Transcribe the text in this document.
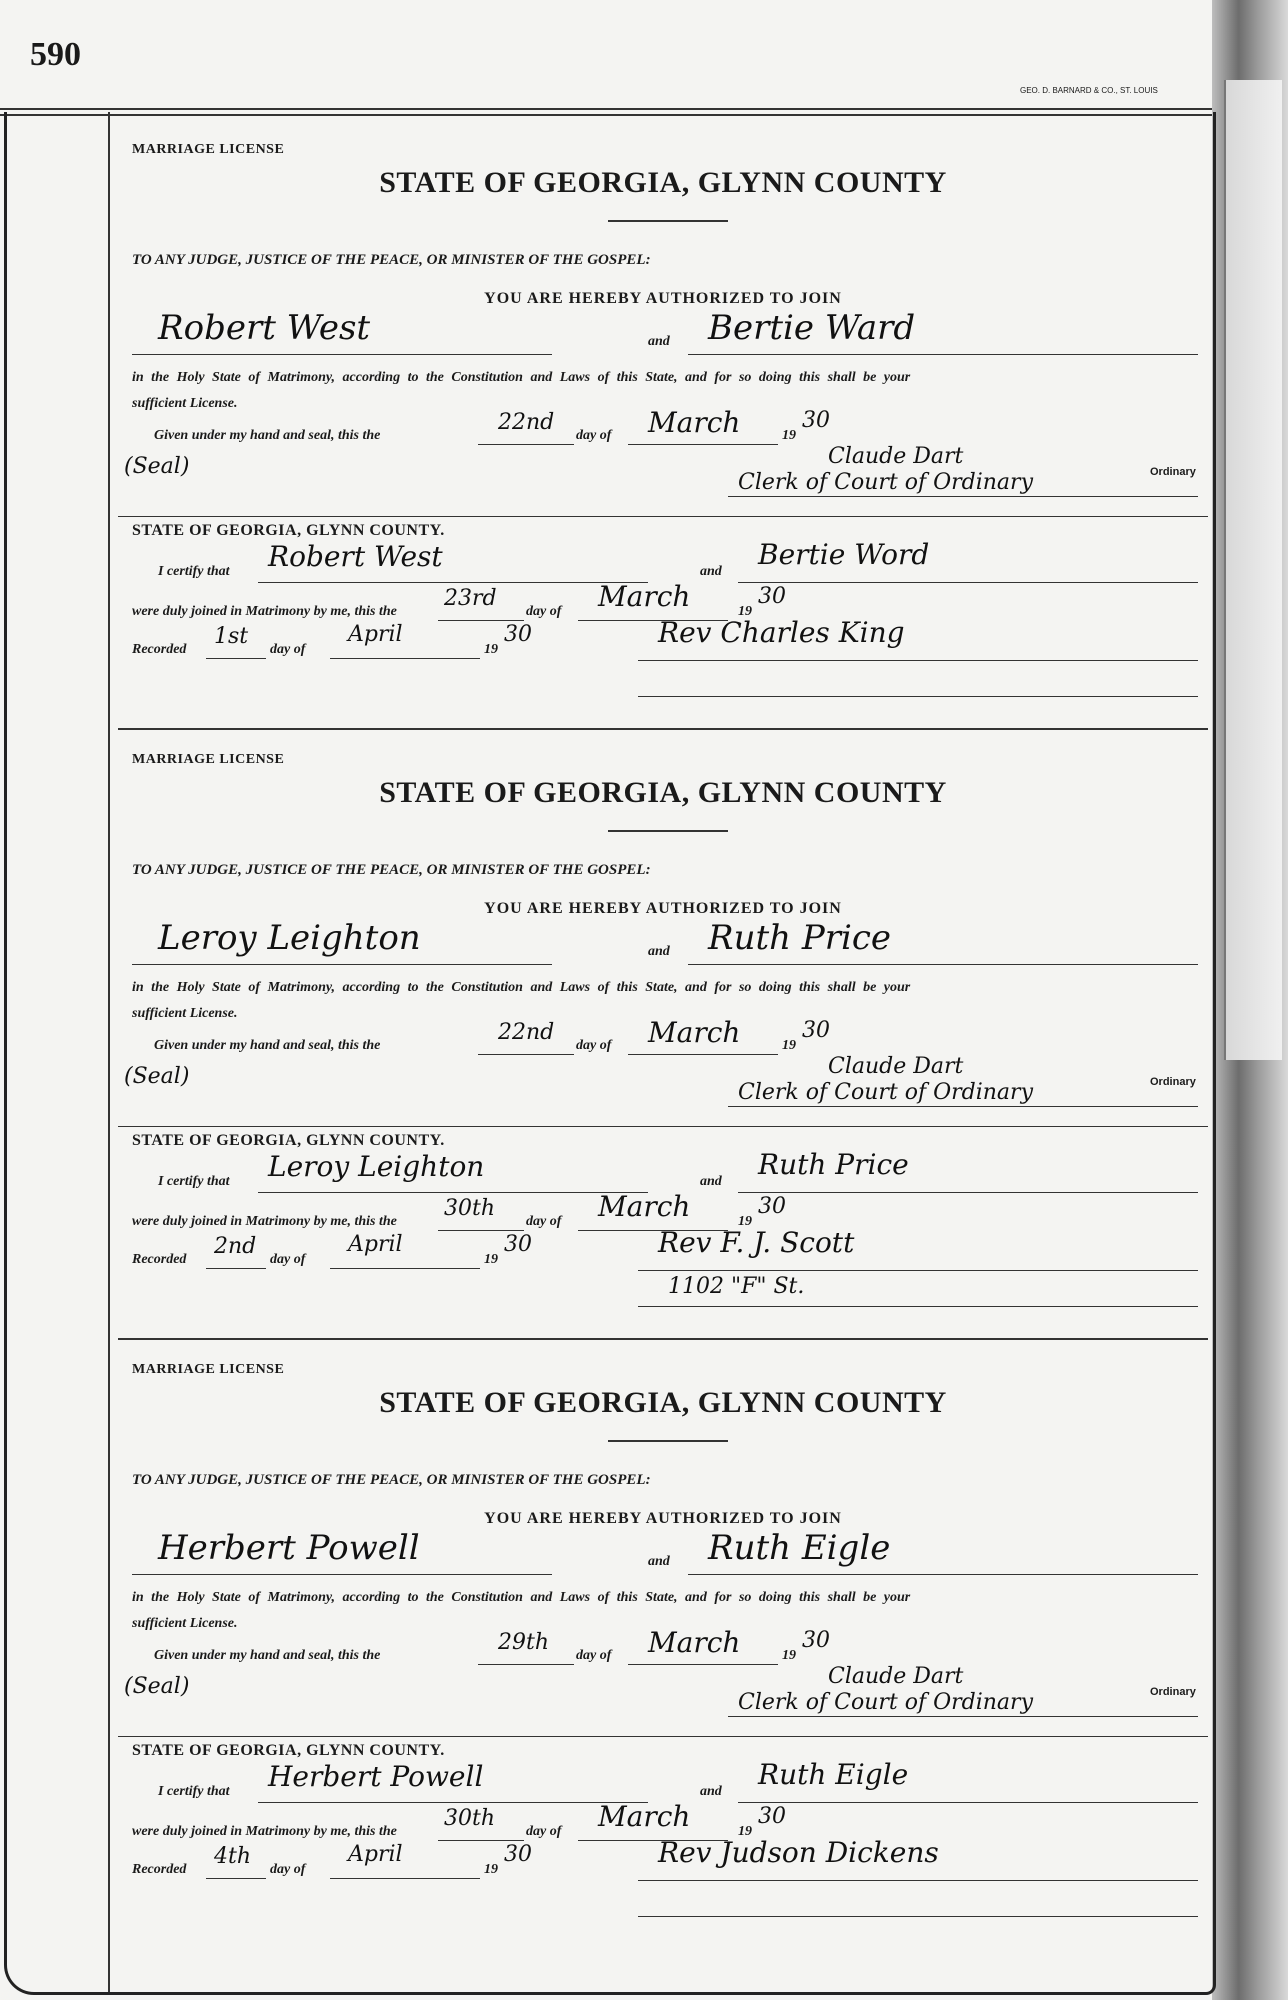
590
GEO. D. BARNARD & CO., ST. LOUIS
MARRIAGE LICENSE
STATE OF GEORGIA, GLYNN COUNTY
TO ANY JUDGE, JUSTICE OF THE PEACE, OR MINISTER OF THE GOSPEL:
YOU ARE HEREBY AUTHORIZED TO JOIN
Robert West	and Bertie Ward
in the Holy State of Matrimony, according to the Constitution and Laws of this State, and for so doing this shall be your
sufficient License.
Given under my hand and seal, this the
22nd
day of March	19
30
(Seal)	Claude Dart
Clerk of Court of Ordinary	Ordinary
STATE OF GEORGIA, GLYNN COUNTY.
I certify that Robert West	and
Bertie Word
were duly joined in Matrimony by me, this the
23rd
day of March	19
30
Recorded
1st
day of
April
19
30	Rev Charles King
MARRIAGE LICENSE
STATE OF GEORGIA, GLYNN COUNTY
TO ANY JUDGE, JUSTICE OF THE PEACE, OR MINISTER OF THE GOSPEL:
YOU ARE HEREBY AUTHORIZED TO JOIN
Leroy Leighton	and Ruth Price
in the Holy State of Matrimony, according to the Constitution and Laws of this State, and for so doing this shall be your
sufficient License.
Given under my hand and seal, this the
22nd
day of March	19
30
(Seal)	Claude Dart
Clerk of Court of Ordinary	Ordinary
STATE OF GEORGIA, GLYNN COUNTY.
I certify that Leroy Leighton	and
Ruth Price
were duly joined in Matrimony by me, this the
30th
day of March	19
30
Recorded
2nd
day of
April
19
30	Rev F. J. Scott
1102 "F" St.
MARRIAGE LICENSE
STATE OF GEORGIA, GLYNN COUNTY
TO ANY JUDGE, JUSTICE OF THE PEACE, OR MINISTER OF THE GOSPEL:
YOU ARE HEREBY AUTHORIZED TO JOIN
Herbert Powell	and Ruth Eigle
in the Holy State of Matrimony, according to the Constitution and Laws of this State, and for so doing this shall be your
sufficient License.
Given under my hand and seal, this the
29th
day of March	19
30
(Seal)	Claude Dart
Clerk of Court of Ordinary	Ordinary
STATE OF GEORGIA, GLYNN COUNTY.
I certify that Herbert Powell	and
Ruth Eigle
were duly joined in Matrimony by me, this the
30th
day of March	19
30
Recorded
4th
day of
April
19
30	Rev Judson Dickens
